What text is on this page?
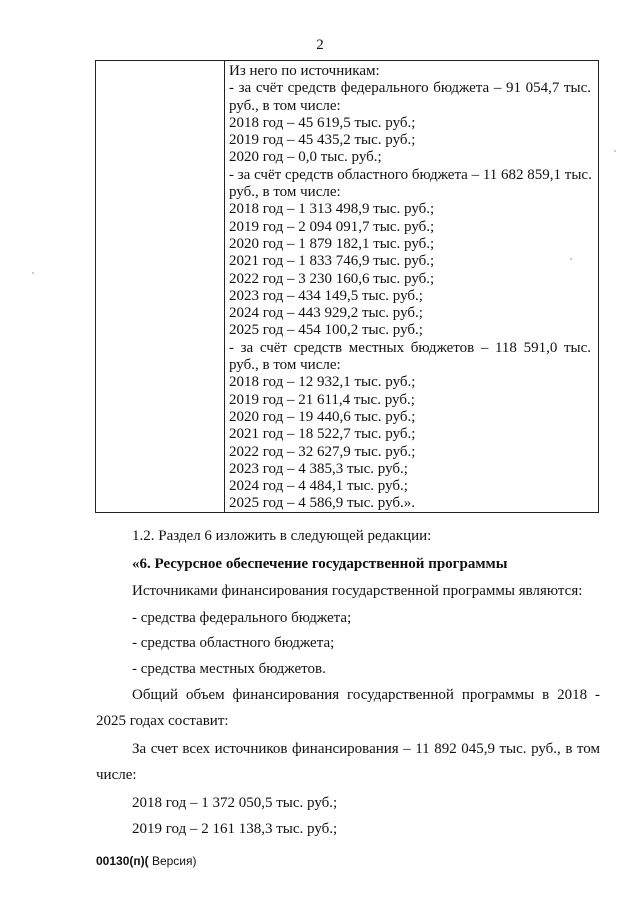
2
Из него по источникам:
- за счёт средств федерального бюджета – 91 054,7 тыс.
руб., в том числе:
2018 год – 45 619,5 тыс. руб.;
2019 год – 45 435,2 тыс. руб.;
2020 год – 0,0 тыс. руб.;
- за счёт средств областного бюджета – 11 682 859,1 тыс.
руб., в том числе:
2018 год – 1 313 498,9 тыс. руб.;
2019 год – 2 094 091,7 тыс. руб.;
2020 год – 1 879 182,1 тыс. руб.;
2021 год – 1 833 746,9 тыс. руб.;
2022 год – 3 230 160,6 тыс. руб.;
2023 год – 434 149,5 тыс. руб.;
2024 год – 443 929,2 тыс. руб.;
2025 год – 454 100,2 тыс. руб.;
- за счёт средств местных бюджетов – 118 591,0 тыс.
руб., в том числе:
2018 год – 12 932,1 тыс. руб.;
2019 год – 21 611,4 тыс. руб.;
2020 год – 19 440,6 тыс. руб.;
2021 год – 18 522,7 тыс. руб.;
2022 год – 32 627,9 тыс. руб.;
2023 год – 4 385,3 тыс. руб.;
2024 год – 4 484,1 тыс. руб.;
2025 год – 4 586,9 тыс. руб.».
1.2. Раздел 6 изложить в следующей редакции:
«6. Ресурсное обеспечение государственной программы
Источниками финансирования государственной программы являются:
- средства федерального бюджета;
- средства областного бюджета;
- средства местных бюджетов.
Общий объем финансирования государственной программы в 2018 -
2025 годах составит:
За счет всех источников финансирования – 11 892 045,9 тыс. руб., в том
числе:
2018 год – 1 372 050,5 тыс. руб.;
2019 год – 2 161 138,3 тыс. руб.;
00130(п)( Версия)
